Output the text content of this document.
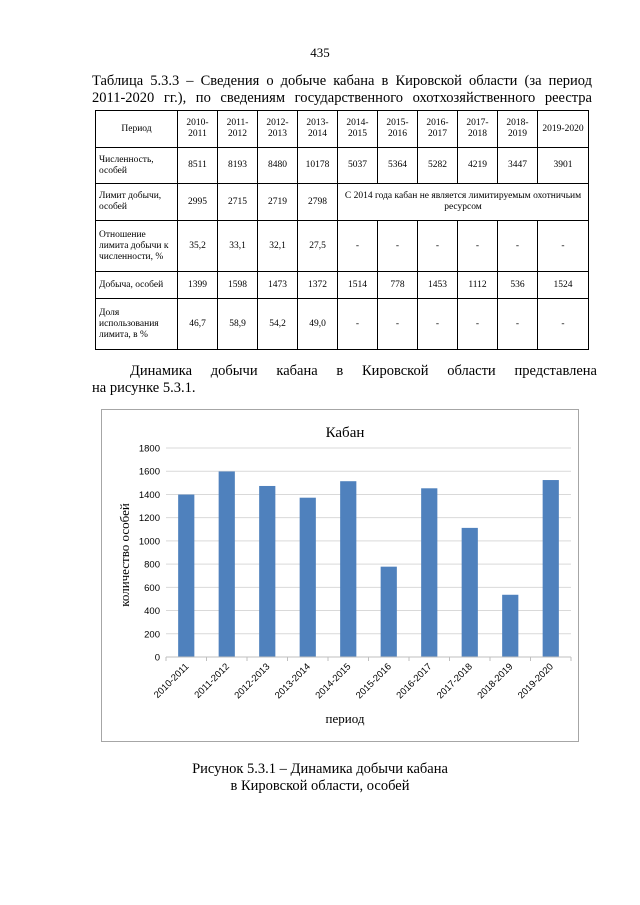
435
Таблица 5.3.3 – Сведения о добыче кабана в Кировской области (за период
2011-2020 гг.), по сведениям государственного охотхозяйственного реестра
Период	2010-2011	2011-2012	2012-2013	2013-2014	2014-2015	2015-2016	2016-2017	2017-2018	2018-2019	2019-2020
Численность, особей	8511	8193	8480	10178	5037	5364	5282	4219	3447	3901
Лимит добычи, особей	2995	2715	2719	2798	С 2014 года кабан не является лимитируемым охотничьим ресурсом					
Отношение лимита добычи к численности, %	35,2	33,1	32,1	27,5	-	-	-	-	-	-
Добыча, особей	1399	1598	1473	1372	1514	778	1453	1112	536	1524
Доля использования лимита, в %	46,7	58,9	54,2	49,0	-	-	-	-	-	-
Динамика добычи кабана в Кировской области представлена
на рисунке 5.3.1.
Кабан
0
200
400
600
800
1000
1200
1400
1600
1800
2010-2011 2011-2012 2012-2013 2013-2014 2014-2015 2015-2016 2016-2017 2017-2018 2018-2019 2019-2020
количество особей
период
Рисунок 5.3.1 – Динамика добычи кабана
в Кировской области, особей
